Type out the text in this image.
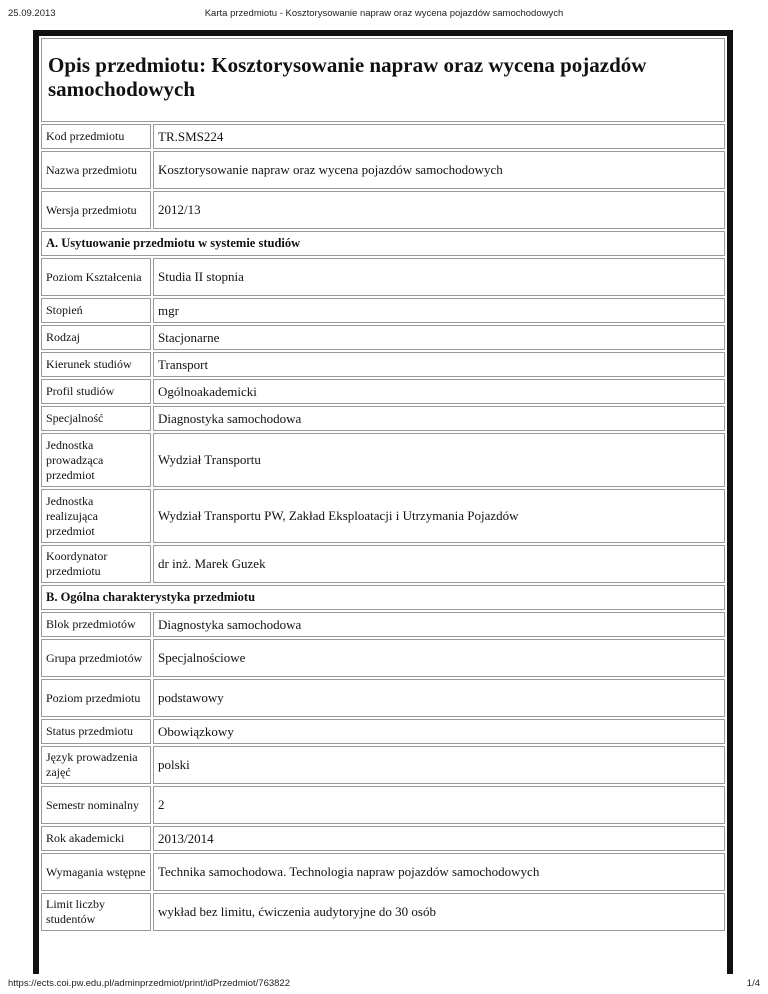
25.09.2013	Karta przedmiotu - Kosztorysowanie napraw oraz wycena pojazdów samochodowych
Opis przedmiotu: Kosztorysowanie napraw oraz wycena pojazdów samochodowych	
Kod przedmiotu	TR.SMS224
Nazwa przedmiotu	Kosztorysowanie napraw oraz wycena pojazdów samochodowych
Wersja przedmiotu	2012/13
A. Usytuowanie przedmiotu w systemie studiów	
Poziom Kształcenia	Studia II stopnia
Stopień	mgr
Rodzaj	Stacjonarne
Kierunek studiów	Transport
Profil studiów	Ogólnoakademicki
Specjalność	Diagnostyka samochodowa
Jednostka prowadząca przedmiot	Wydział Transportu
Jednostka realizująca przedmiot	Wydział Transportu PW, Zakład Eksploatacji i Utrzymania Pojazdów
Koordynator przedmiotu	dr inż. Marek Guzek
B. Ogólna charakterystyka przedmiotu	
Blok przedmiotów	Diagnostyka samochodowa
Grupa przedmiotów	Specjalnościowe
Poziom przedmiotu	podstawowy
Status przedmiotu	Obowiązkowy
Język prowadzenia zajęć	polski
Semestr nominalny	2
Rok akademicki	2013/2014
Wymagania wstępne	Technika samochodowa. Technologia napraw pojazdów samochodowych
Limit liczby studentów	wykład bez limitu, ćwiczenia audytoryjne do 30 osób
https://ects.coi.pw.edu.pl/adminprzedmiot/print/idPrzedmiot/763822	1/4
